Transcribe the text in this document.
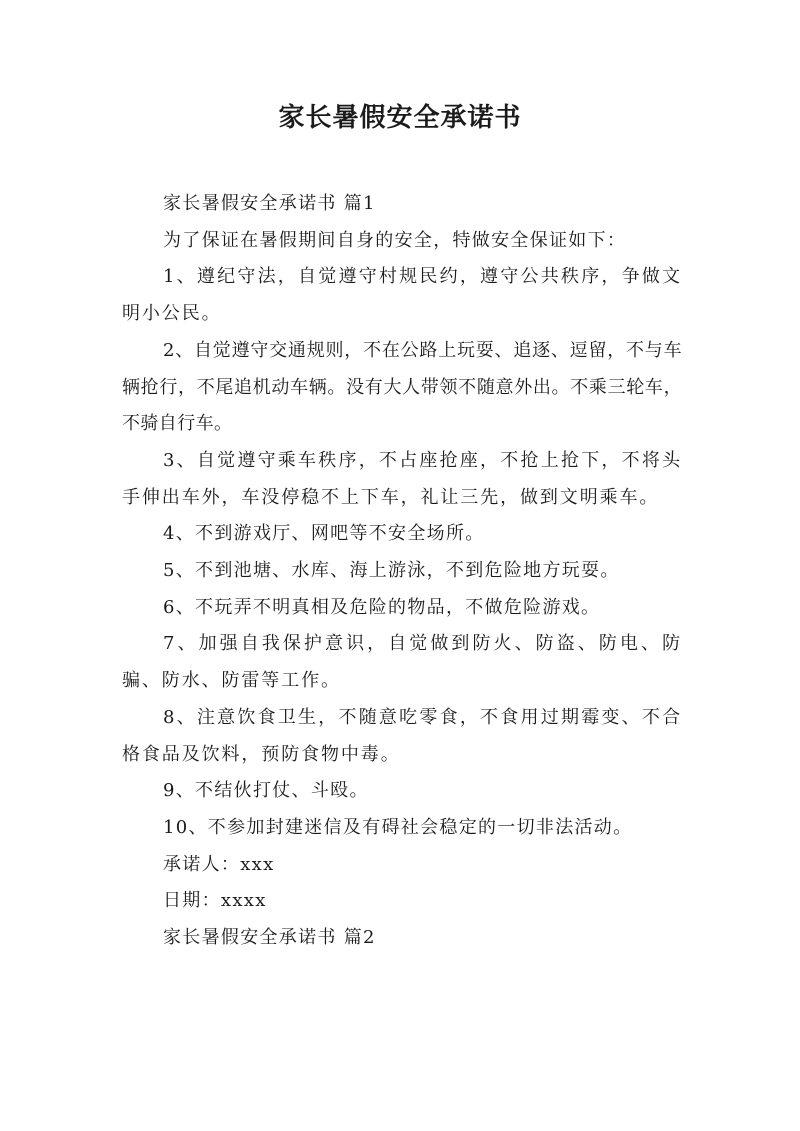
家长暑假安全承诺书

家长暑假安全承诺书 篇1

为了保证在暑假期间自身的安全，特做安全保证如下：

1、遵纪守法，自觉遵守村规民约，遵守公共秩序，争做文明小公民。

2、自觉遵守交通规则，不在公路上玩耍、追逐、逗留，不与车辆抢行，不尾追机动车辆。没有大人带领不随意外出。不乘三轮车，不骑自行车。

3、自觉遵守乘车秩序，不占座抢座，不抢上抢下，不将头手伸出车外，车没停稳不上下车，礼让三先，做到文明乘车。

4、不到游戏厅、网吧等不安全场所。

5、不到池塘、水库、海上游泳，不到危险地方玩耍。

6、不玩弄不明真相及危险的物品，不做危险游戏。

7、加强自我保护意识，自觉做到防火、防盗、防电、防骗、防水、防雷等工作。

8、注意饮食卫生，不随意吃零食，不食用过期霉变、不合格食品及饮料，预防食物中毒。

9、不结伙打仗、斗殴。

10、不参加封建迷信及有碍社会稳定的一切非法活动。

承诺人：xxx

日期：xxxx

家长暑假安全承诺书 篇2
